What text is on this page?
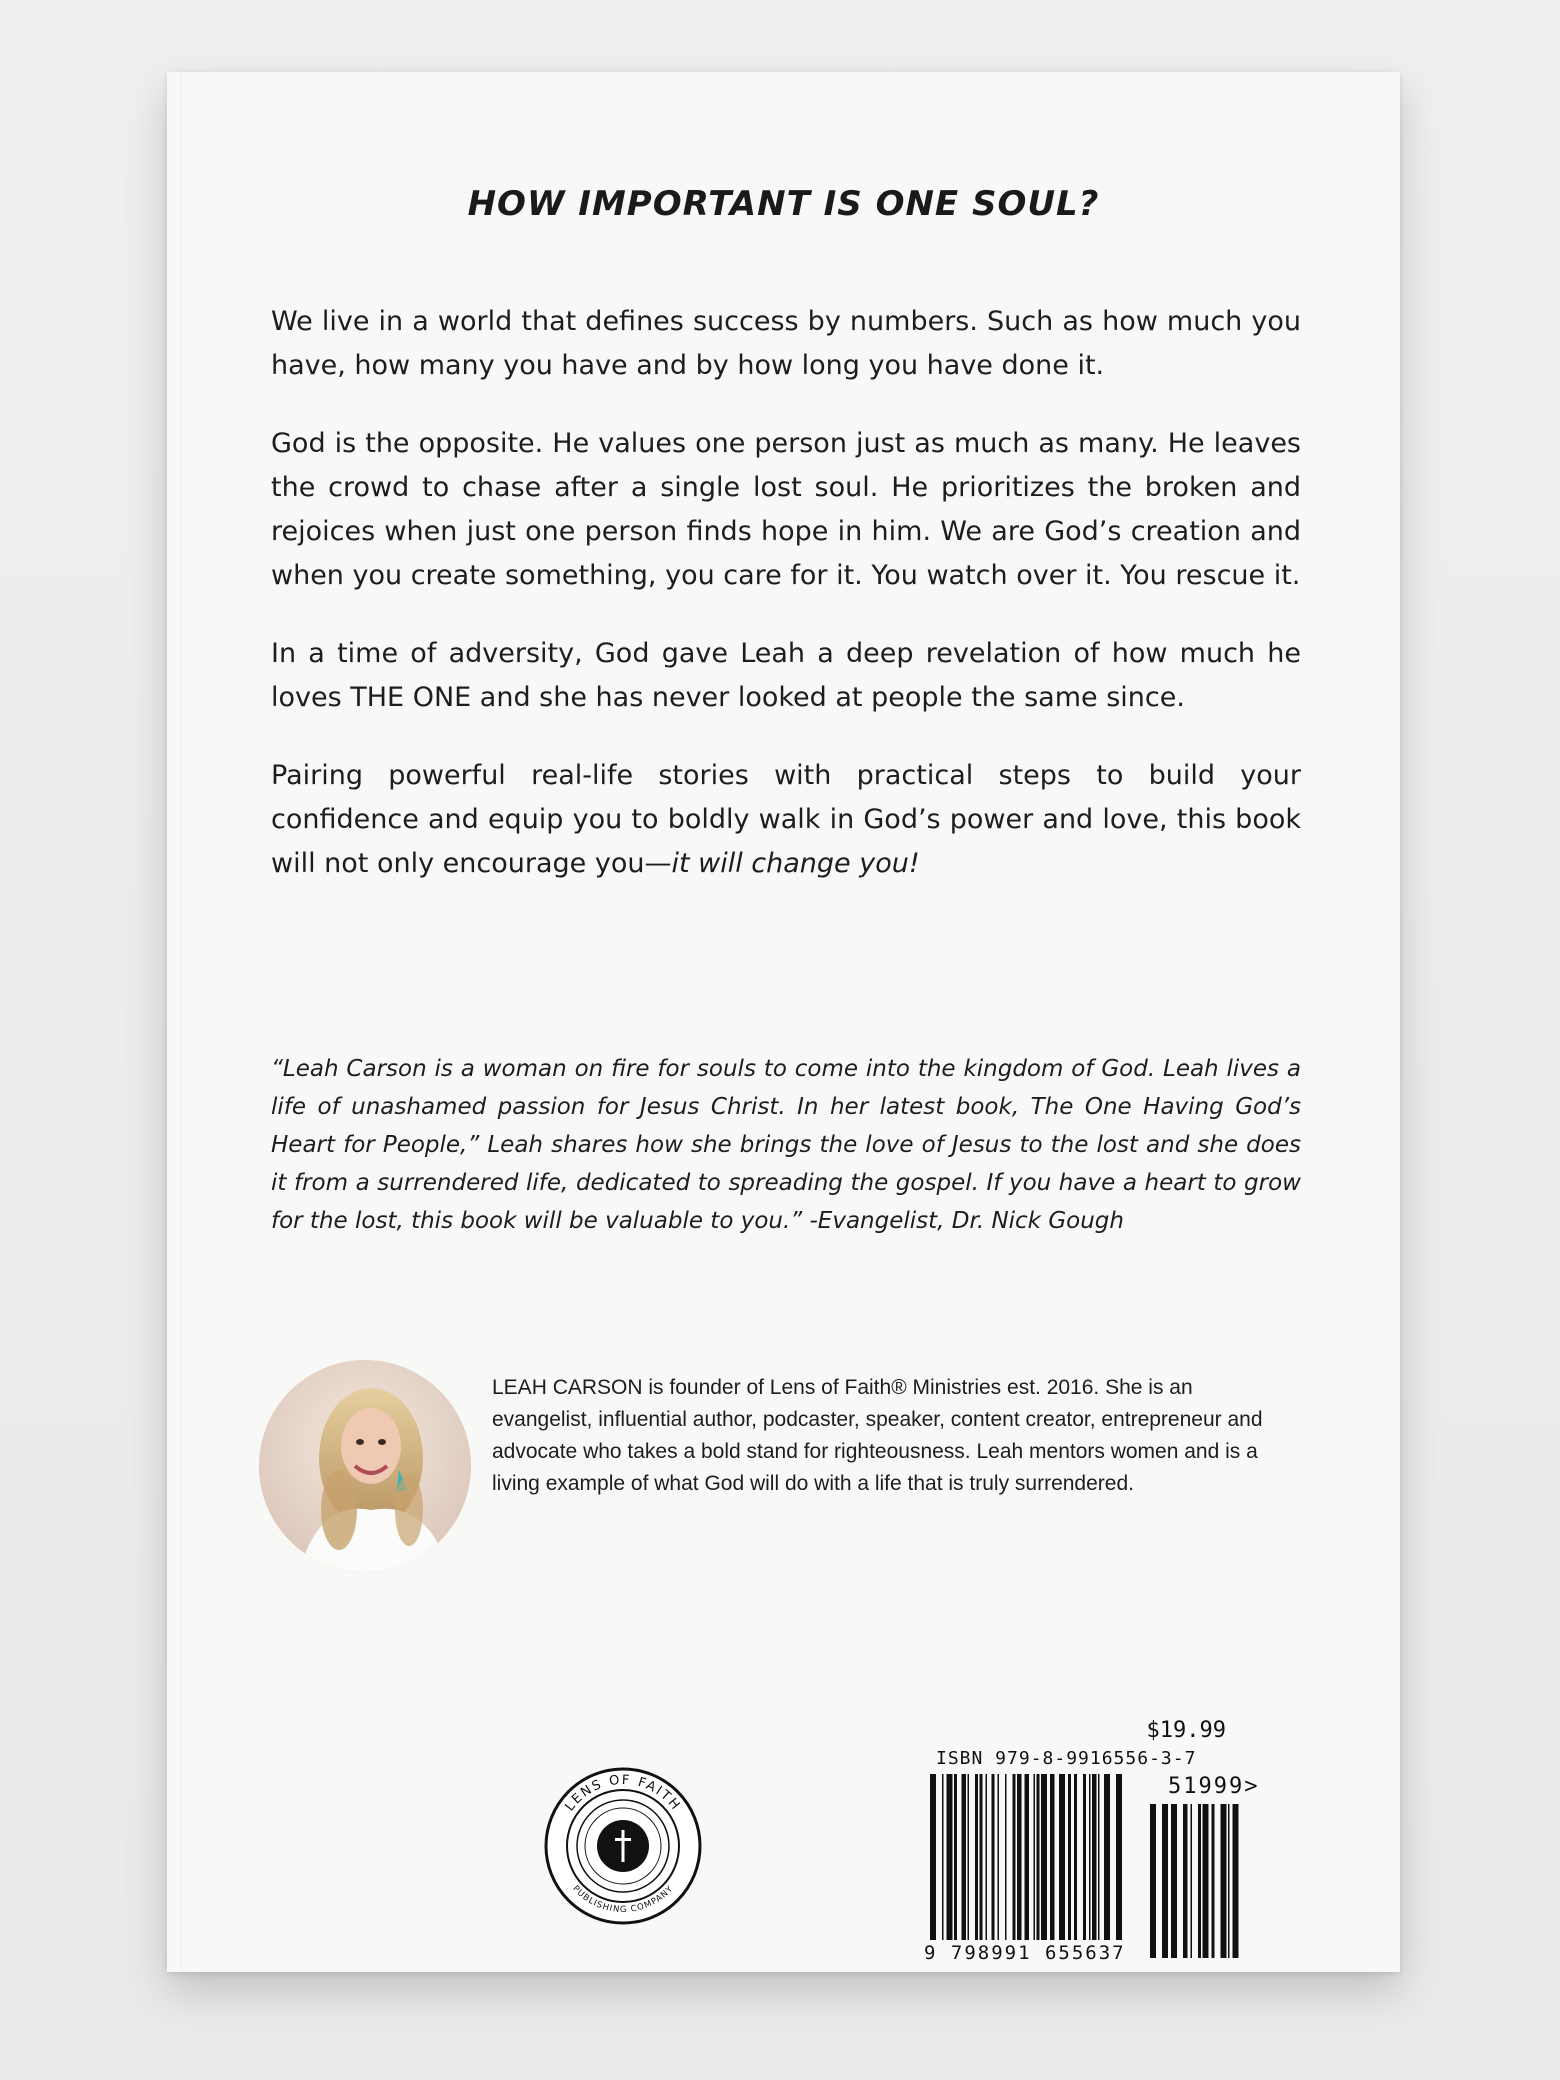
HOW IMPORTANT IS ONE SOUL?

We live in a world that defines success by numbers. Such as how much you have, how many you have and by how long you have done it.

God is the opposite. He values one person just as much as many. He leaves the crowd to chase after a single lost soul. He prioritizes the broken and rejoices when just one person finds hope in him. We are God’s creation and when you create something, you care for it. You watch over it. You rescue it.

In a time of adversity, God gave Leah a deep revelation of how much he loves THE ONE and she has never looked at people the same since.

Pairing powerful real-life stories with practical steps to build your confidence and equip you to boldly walk in God’s power and love, this book will not only encourage you—it will change you!

“Leah Carson is a woman on fire for souls to come into the kingdom of God. Leah lives a life of unashamed passion for Jesus Christ. In her latest book, The One Having God’s Heart for People,” Leah shares how she brings the love of Jesus to the lost and she does it from a surrendered life, dedicated to spreading the gospel. If you have a heart to grow for the lost, this book will be valuable to you.” -Evangelist, Dr. Nick Gough
LEAH CARSON is founder of Lens of Faith® Ministries est. 2016. She is an evangelist, influential author, podcaster, speaker, content creator, entrepreneur and advocate who takes a bold stand for righteousness. Leah mentors women and is a living example of what God will do with a life that is truly surrendered.
LENS OF FAITH
PUBLISHING COMPANY
$19.99
ISBN 979-8-9916556-3-7
51999>
9 798991 655637
